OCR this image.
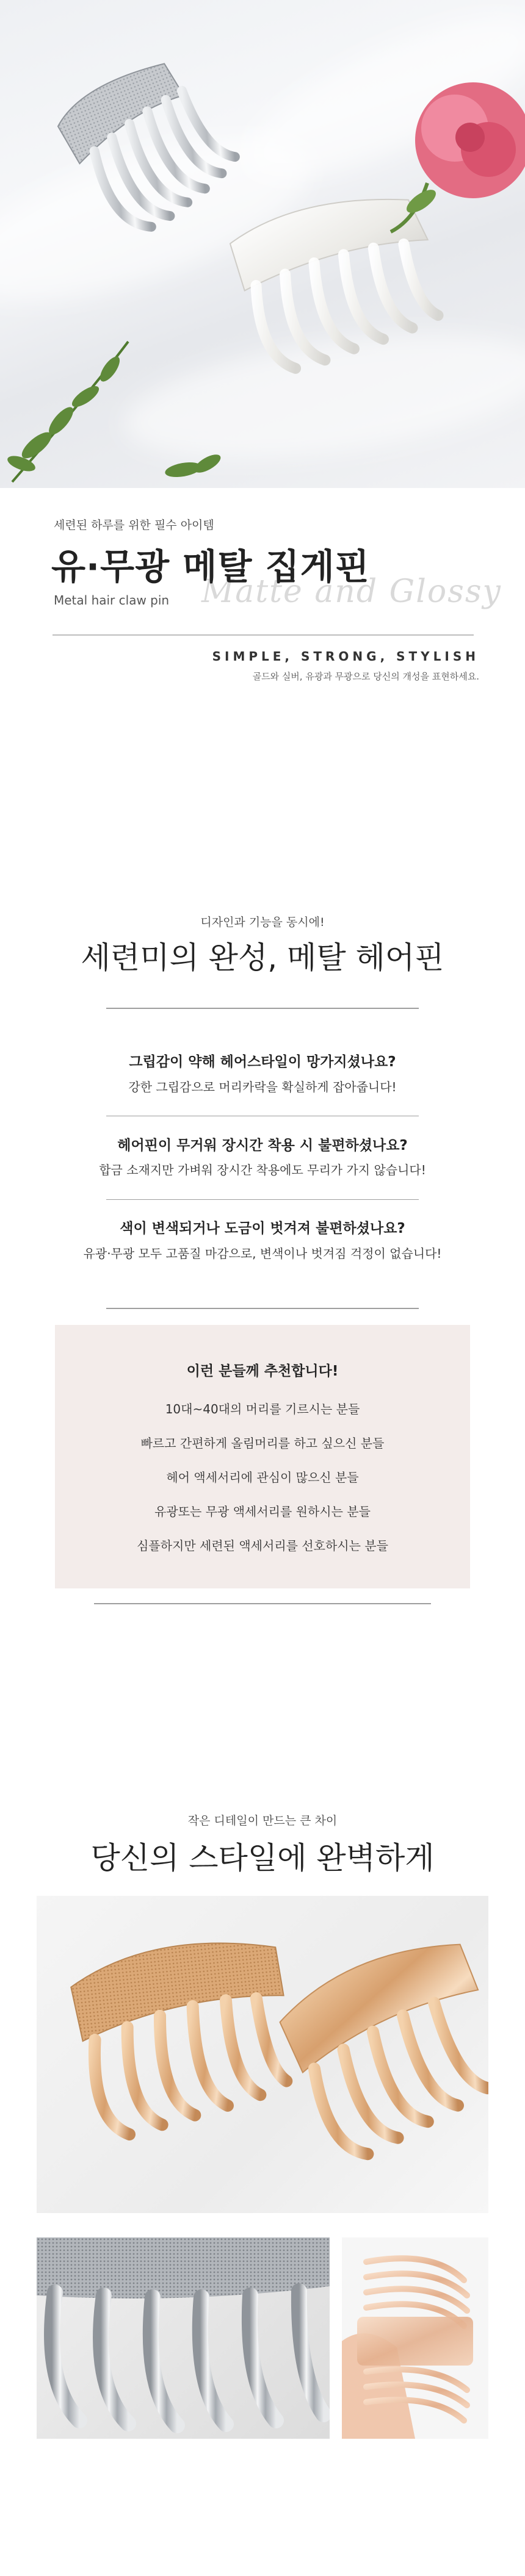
세련된 하루를 위한 필수 아이템
Matte and Glossy
유·무광 메탈 집게핀
Metal hair claw pin
SIMPLE, STRONG, STYLISH
골드와 실버, 유광과 무광으로 당신의 개성을 표현하세요.
디자인과 기능을 동시에!
세련미의 완성, 메탈 헤어핀
그립감이 약해 헤어스타일이 망가지셨나요?
강한 그립감으로 머리카락을 확실하게 잡아줍니다!
헤어핀이 무거워 장시간 착용 시 불편하셨나요?
합금 소재지만 가벼워 장시간 착용에도 무리가 가지 않습니다!
색이 변색되거나 도금이 벗겨져 불편하셨나요?
유광·무광 모두 고품질 마감으로, 변색이나 벗겨짐 걱정이 없습니다!
이런 분들께 추천합니다!
10대~40대의 머리를 기르시는 분들
빠르고 간편하게 올림머리를 하고 싶으신 분들
헤어 액세서리에 관심이 많으신 분들
유광또는 무광 액세서리를 원하시는 분들
심플하지만 세련된 액세서리를 선호하시는 분들
작은 디테일이 만드는 큰 차이
당신의 스타일에 완벽하게
